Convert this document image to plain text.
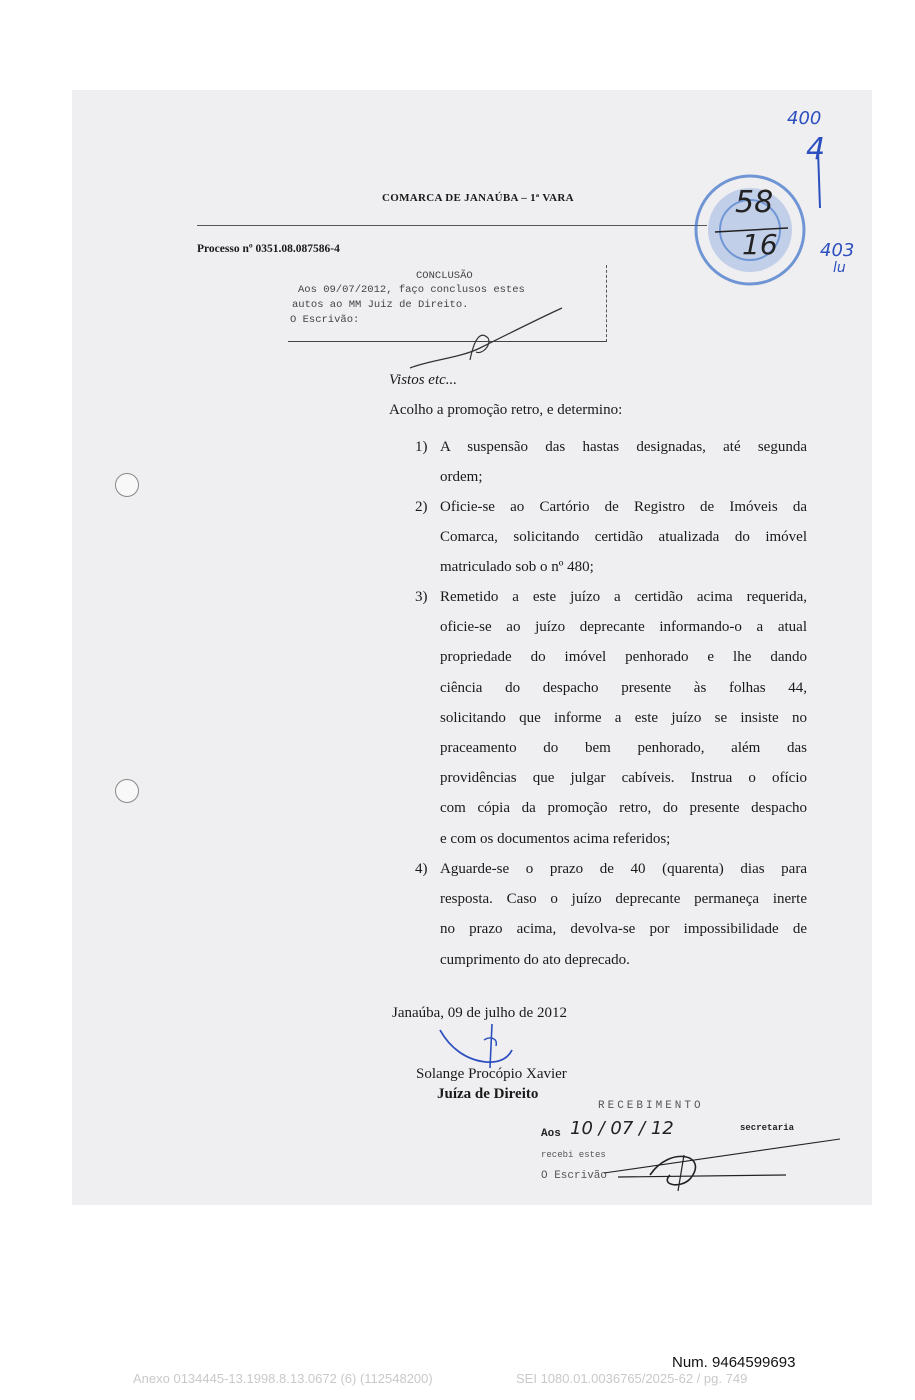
COMARCA DE JANAÚBA – 1ª VARA
Processo nº 0351.08.087586-4
58
16
400
4
403
lu
CONCLUSÃO
Aos 09/07/2012, faço conclusos estes
autos ao MM Juiz de Direito.
O Escrivão:
Vistos etc...
Acolho a promoção retro, e determino:
1) A suspensão das hastas designadas, até segunda
ordem;
2) Oficie-se ao Cartório de Registro de Imóveis da
Comarca, solicitando certidão atualizada do imóvel
matriculado sob o nº 480;
3) Remetido a este juízo a certidão acima requerida,
oficie-se ao juízo deprecante informando-o a atual
propriedade do imóvel penhorado e lhe dando
ciência do despacho presente às folhas 44,
solicitando que informe a este juízo se insiste no
praceamento do bem penhorado, além das
providências que julgar cabíveis. Instrua o ofício
com cópia da promoção retro, do presente despacho
e com os documentos acima referidos;
4) Aguarde-se o prazo de 40 (quarenta) dias para
resposta. Caso o juízo deprecante permaneça inerte
no prazo acima, devolva-se por impossibilidade de
cumprimento do ato deprecado.
Janaúba, 09 de julho de 2012
Solange Procópio Xavier
Juíza de Direito
RECEBIMENTO
Aos 10 / 07 / 12	secretaria
recebi estes
O Escrivão
Num. 9464599693
Anexo 0134445-13.1998.8.13.0672 (6) (112548200)	SEI 1080.01.0036765/2025-62 / pg. 749
